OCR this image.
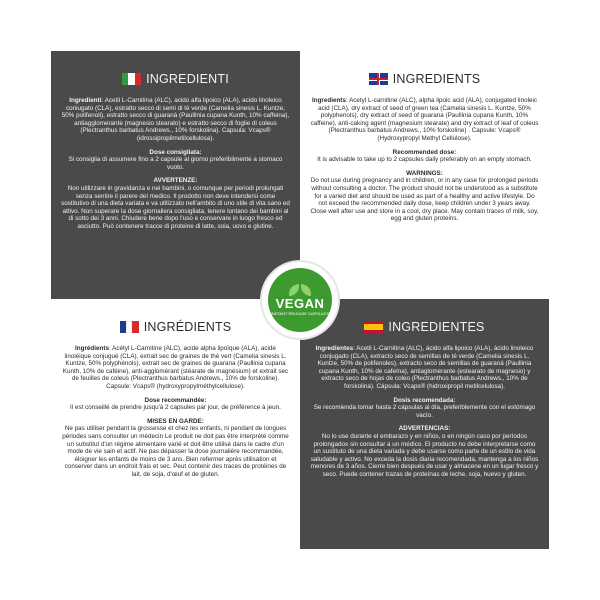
INGREDIENTI

Ingredienti: Acetil L-Carnitina (ALC), acido alfa lipoico (ALA), acido linoleico coniugato (CLA), estratto secco di semi di tè verde (Camelia sinesis L. Kuntze, 50% polifenoli), estratto secco di guaranà (Paullinia cupana Kunth, 10% caffeina), antiagglomerante (magnesio stearato) e estratto secco di foglie di coleus (Plectranthus barbatus Andrews., 10% forskolina). Capsula: Vcaps® (idrossipropilmetilcellulosa).

Dose consigliata:

Si consiglia di assumere fino a 2 capsule al giorno preferibilmente a stomaco vuoto.

AVVERTENZE:

Non utilizzare in gravidanza e nei bambini, o comunque per periodi prolungati senza sentire il parere del medico. Il prodotto non deve intendersi come sostitutivo di una dieta variata e va utilizzato nell'ambito di uno stile di vita sano ed attivo. Non superare la dose giornaliera consigliata, tenere lontano dei bambini al di sotto dei 3 anni. Chiudere bene dopo l'uso e conservare in luogo fresco ed asciutto. Può contenere tracce di proteine di latte, soia, uovo e glutine.

INGREDIENTS

Ingredients: Acetyl L-carnitine (ALC), alpha lipoic acid (ALA), conjugated linoleic acid (CLA), dry extract of seed of green tea (Camelia sinesis L. Kuntze, 50% polyphenols), dry extract of seed of guarana (Paullinia cupana Kunth, 10% caffeine), anti-caking agent (magnesium stearate) and dry extract of leaf of coleus (Plectranthus barbatus Andrews., 10% forskoline) . Capsule: Vcaps® (Hydroxypropyl Methyl Cellulose).

Recommended dose:

It is advisable to take up to 2 capsules daily preferably on an empty stomach.

WARNINGS:

Do not use during pregnancy and in children, or in any case for prolonged periods without consulting a doctor. The product should not be understood as a substitute for a varied diet and should be used as part of a healthy and active lifestyle. Do not exceed the recommended daily dose, keep children under 3 years away. Close well after use and store in a cool, dry place. May contain traces of milk, soy, egg and gluten proteins.

INGRÉDIENTS

Ingrédients: Acétyl L-Carnitine (ALC), acide alpha lipoïque (ALA), acide linoléique conjugué (CLA), extrait sec de graines de thé vert (Camelia sinesis L. Kuntze, 50% polyphénols), extrait sec de graines de guarana (Paullinia cupana Kunth, 10% de caféine), anti-agglomérant (stéarate de magnésium) et extrait sec de feuilles de coleus (Plectranthus barbatus Andrews., 10% de forskoline). Capsule: Vcaps® (hydroxypropylméthylcellulose).

Dose recommandée:

Il est conseillé de prendre jusqu'à 2 capsules par jour, de préférence à jeun.

MISES EN GARDE:

Ne pas utiliser pendant la grossesse et chez les enfants, ni pendant de longues périodes sans consulter un médecin Le produit ne doit pas être interprété comme un substitut d'un régime alimentaire varié et doit être utilisé dans le cadre d'un mode de vie sain et actif. Ne pas dépasser la dose journalière recommandée, éloigner les enfants de moins de 3 ans. Bien refermer après utilisation et conserver dans un endroit frais et sec. Peut contenir des traces de protéines de lait, de soja, d'œuf et de gluten.

INGREDIENTES

Ingredientes: Acetil L-Carnitina (ALC), ácido alfa lipoico (ALA), ácido linoleico conjugado (CLA), extracto seco de semillas de té verde (Camelia sinesis L. Kuntze, 50% de polifenoles), extracto seco de semillas de guaraná (Paullinia cupana Kunth, 10% de cafeína), antiaglomerante (estearato de magnesio) y extracto seco de hojas de coleo (Plectranthus barbatus Andrews., 10% de forskolina). Cápsula: Vcaps® (hidroxipropil metilcelulosa).

Dosis recomendada:

Se recomienda tomar hasta 2 cápsulas al día, preferiblemente con el estómago vacío.

ADVERTENCIAS:

No lo use durante el embarazo y en niños, o en ningún caso por períodos prolongados sin consultar a un médico. El producto no debe interpretarse como un sustituto de una dieta variada y debe usarse como parte de un estilo de vida saludable y activo. No exceda la dosis diaria recomendada, mantenga a los niños menores de 3 años. Cierre bien después de usar y almacene en un lugar fresco y seco. Puede contener trazas de proteínas de leche, soja, huevo y gluten.

VEGAN
INSTANT RELEASE CAPSULES
